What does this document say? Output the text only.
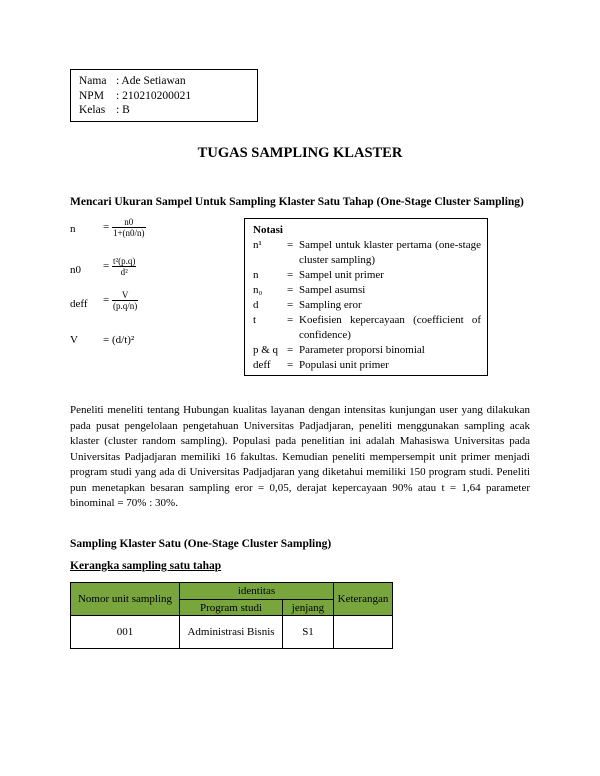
Nama : Ade Setiawan
NPM : 210210200021
Kelas : B
TUGAS SAMPLING KLASTER
Mencari Ukuran Sampel Untuk Sampling Klaster Satu Tahap (One-Stage Cluster Sampling)
n	= $\frac{n0}{1+(n0/n)}$
$n0 = \frac{\text{t²(p.q)}}{\text{d²}}$
deff = $\frac{V}{(p.q/n)}$
V = (d/t)²
Notasi
n¹	= Sampel untuk klaster pertama (one-stage cluster sampling)
n	= Sampel unit primer
n₀	= Sampel asumsi
d	= Sampling eror
t	= Koefisien kepercayaan (coefficient of confidence)
p & q = Parameter proporsi binomial
deff	= Populasi unit primer
Peneliti meneliti tentang Hubungan kualitas layanan dengan intensitas kunjungan user yang dilakukan pada pusat pengelolaan pengetahuan Universitas Padjadjaran, peneliti menggunakan sampling acak klaster (cluster random sampling). Populasi pada penelitian ini adalah Mahasiswa Universitas pada Universitas Padjadjaran memiliki 16 fakultas. Kemudian peneliti mempersempit unit primer menjadi program studi yang ada di Universitas Padjadjaran yang diketahui memiliki 150 program studi. Peneliti pun menetapkan besaran sampling eror = 0,05, derajat kepercayaan 90% atau t = 1,64 parameter binominal = 70% : 30%.
Sampling Klaster Satu (One-Stage Cluster Sampling)
Kerangka sampling satu tahap
Nomor unit sampling	identitas		Keterangan
	Program studi	jenjang	
001	Administrasi Bisnis	S1	
